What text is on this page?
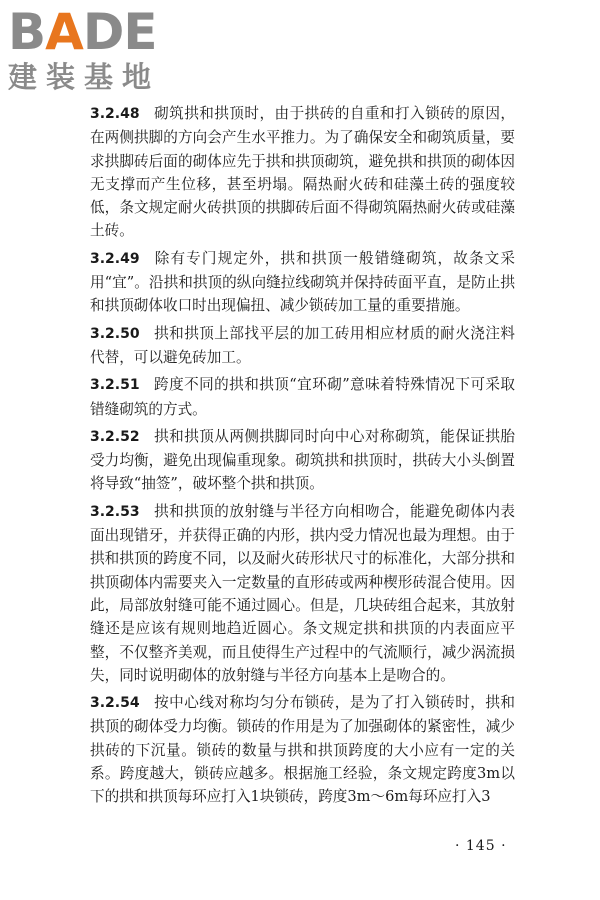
BADE
建装基地

3.2.48 砌筑拱和拱顶时，由于拱砖的自重和打入锁砖的原因，在两侧拱脚的方向会产生水平推力。为了确保安全和砌筑质量，要求拱脚砖后面的砌体应先于拱和拱顶砌筑，避免拱和拱顶的砌体因无支撑而产生位移，甚至坍塌。隔热耐火砖和硅藻土砖的强度较低，条文规定耐火砖拱顶的拱脚砖后面不得砌筑隔热耐火砖或硅藻土砖。

3.2.49 除有专门规定外，拱和拱顶一般错缝砌筑，故条文采用“宜”。沿拱和拱顶的纵向缝拉线砌筑并保持砖面平直，是防止拱和拱顶砌体收口时出现偏扭、减少锁砖加工量的重要措施。

3.2.50 拱和拱顶上部找平层的加工砖用相应材质的耐火浇注料代替，可以避免砖加工。

3.2.51 跨度不同的拱和拱顶“宜环砌”意味着特殊情况下可采取错缝砌筑的方式。

3.2.52 拱和拱顶从两侧拱脚同时向中心对称砌筑，能保证拱胎受力均衡，避免出现偏重现象。砌筑拱和拱顶时，拱砖大小头倒置将导致“抽签”，破坏整个拱和拱顶。

3.2.53 拱和拱顶的放射缝与半径方向相吻合，能避免砌体内表面出现错牙，并获得正确的内形，拱内受力情况也最为理想。由于拱和拱顶的跨度不同，以及耐火砖形状尺寸的标准化，大部分拱和拱顶砌体内需要夹入一定数量的直形砖或两种楔形砖混合使用。因此，局部放射缝可能不通过圆心。但是，几块砖组合起来，其放射缝还是应该有规则地趋近圆心。条文规定拱和拱顶的内表面应平整，不仅整齐美观，而且使得生产过程中的气流顺行，减少涡流损失，同时说明砌体的放射缝与半径方向基本上是吻合的。

3.2.54 按中心线对称均匀分布锁砖，是为了打入锁砖时，拱和拱顶的砌体受力均衡。锁砖的作用是为了加强砌体的紧密性，减少拱砖的下沉量。锁砖的数量与拱和拱顶跨度的大小应有一定的关系。跨度越大，锁砖应越多。根据施工经验，条文规定跨度3m以下的拱和拱顶每环应打入1块锁砖，跨度3m～6m每环应打入3

· 145 ·
